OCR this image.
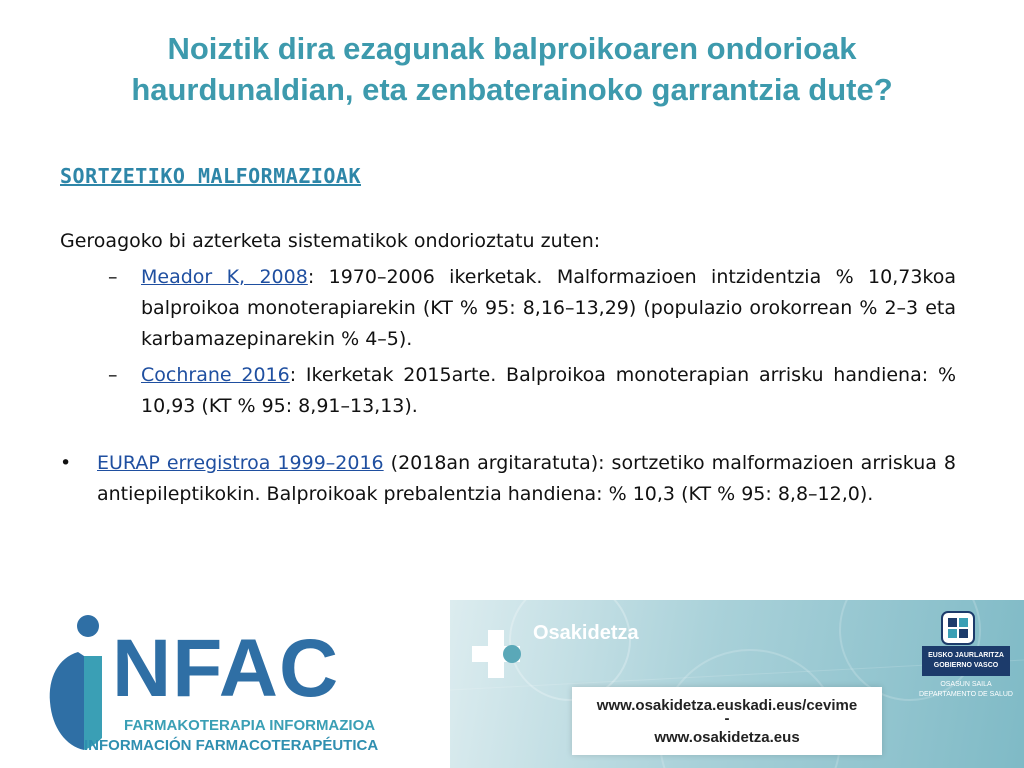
Noiztik dira ezagunak balproikoaren ondorioak
haurdunaldian, eta zenbaterainoko garrantzia dute?
SORTZETIKO MALFORMAZIOAK
Geroagoko bi azterketa sistematikok ondorioztatu zuten:
– Meador K, 2008: 1970–2006 ikerketak. Malformazioen intzidentzia % 10,73koa balproikoa monoterapiarekin (KT % 95: 8,16–13,29) (populazio orokorrean % 2–3 eta karbamazepinarekin % 4–5).
– Cochrane 2016: Ikerketak 2015arte. Balproikoa monoterapian arrisku handiena: % 10,93 (KT % 95: 8,91–13,13).
• EURAP erregistroa 1999–2016 (2018an argitaratuta): sortzetiko malformazioen arriskua 8 antiepileptikokin. Balproikoak prebalentzia handiena: % 10,3 (KT % 95: 8,8–12,0).
NFAC
FARMAKOTERAPIA INFORMAZIOA
INFORMACIÓN FARMACOTERAPÉUTICA
Osakidetza
www.osakidetza.euskadi.eus/cevime
-
www.osakidetza.eus
EUSKO JAURLARITZA
GOBIERNO VASCO
OSASUN SAILA
DEPARTAMENTO DE SALUD
